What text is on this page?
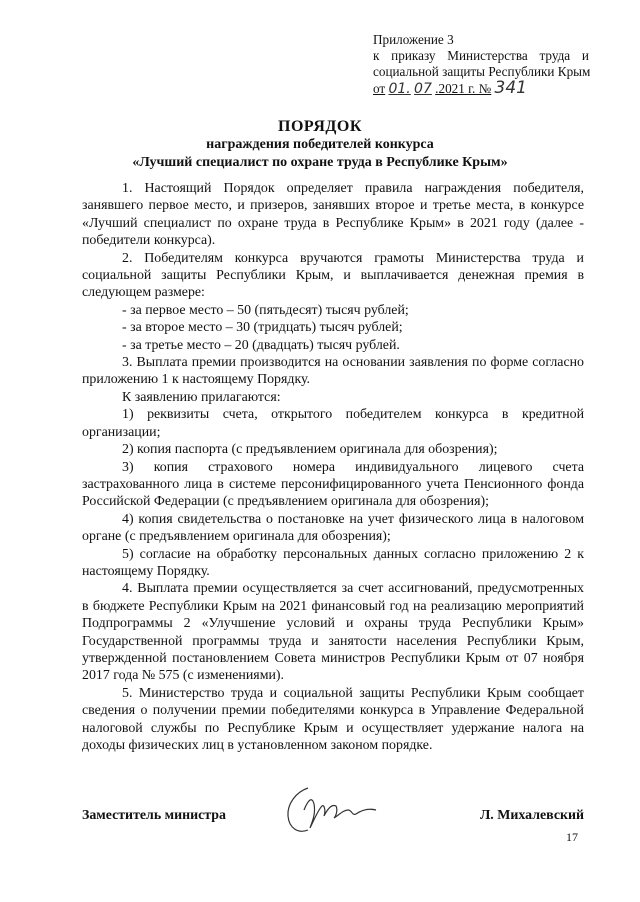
Приложение 3
к приказу Министерства труда и
социальной защиты Республики Крым
от 01. 07 .2021 г. № 341
ПОРЯДОК
награждения победителей конкурса
«Лучший специалист по охране труда в Республике Крым»

1. Настоящий Порядок определяет правила награждения победителя, занявшего первое место, и призеров, занявших второе и третье места, в конкурсе «Лучший специалист по охране труда в Республике Крым» в 2021 году (далее - победители конкурса).

2. Победителям конкурса вручаются грамоты Министерства труда и социальной защиты Республики Крым, и выплачивается денежная премия в следующем размере:

- за первое место – 50 (пятьдесят) тысяч рублей;

- за второе место – 30 (тридцать) тысяч рублей;

- за третье место – 20 (двадцать) тысяч рублей.

3. Выплата премии производится на основании заявления по форме согласно приложению 1 к настоящему Порядку.

К заявлению прилагаются:

1) реквизиты счета, открытого победителем конкурса в кредитной организации;

2) копия паспорта (с предъявлением оригинала для обозрения);

3) копия страхового номера индивидуального лицевого счета застрахованного лица в системе персонифицированного учета Пенсионного фонда Российской Федерации (с предъявлением оригинала для обозрения);

4) копия свидетельства о постановке на учет физического лица в налоговом органе (с предъявлением оригинала для обозрения);

5) согласие на обработку персональных данных согласно приложению 2 к настоящему Порядку.

4. Выплата премии осуществляется за счет ассигнований, предусмотренных в бюджете Республики Крым на 2021 финансовый год на реализацию мероприятий Подпрограммы 2 «Улучшение условий и охраны труда Республики Крым» Государственной программы труда и занятости населения Республики Крым, утвержденной постановлением Совета министров Республики Крым от 07 ноября 2017 года № 575 (с изменениями).

5. Министерство труда и социальной защиты Республики Крым сообщает сведения о получении премии победителями конкурса в Управление Федеральной налоговой службы по Республике Крым и осуществляет удержание налога на доходы физических лиц в установленном законом порядке.

Заместитель министра	Л. Михалевский
17
